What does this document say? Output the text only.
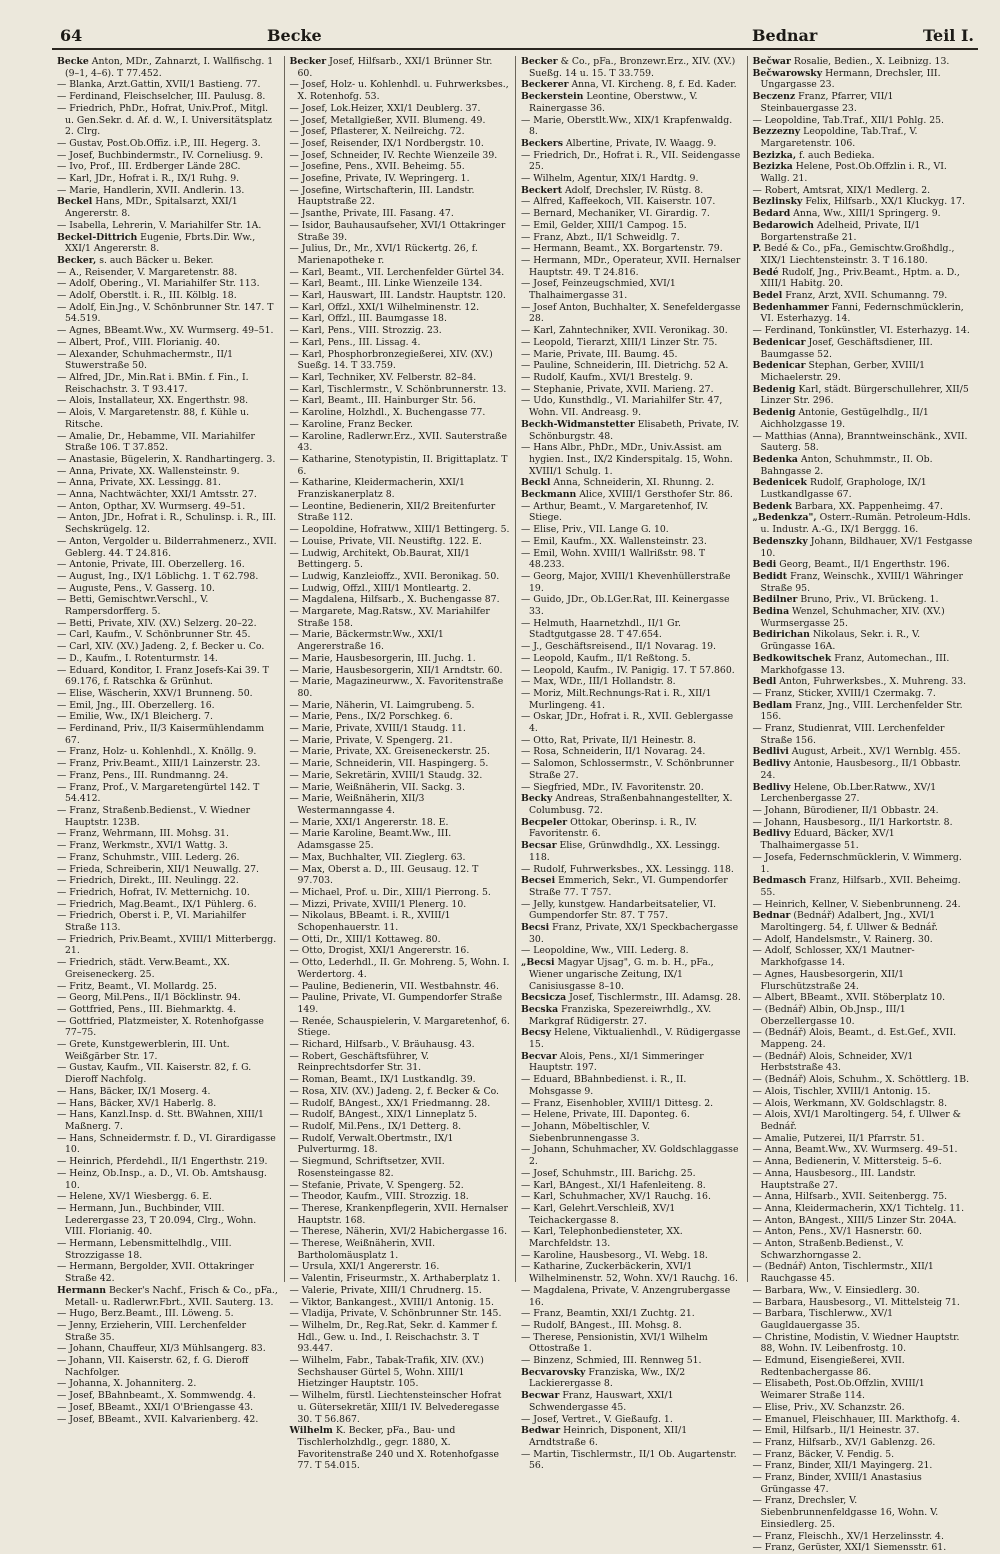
64	Becke	Bednar	Teil I.

Becke Anton, MDr., Zahnarzt, I. Wallfischg. 1 (9–1, 4–6). T 77.452.

— Blanka, Arzt.Gattin, XVII/1 Bastieng. 77.

— Ferdinand, Fleischselcher, III. Paulusg. 8.

— Friedrich, PhDr., Hofrat, Univ.Prof., Mitgl. u. Gen.Sekr. d. Af. d. W., I. Universitätsplatz 2. Clrg.

— Gustav, Post.Ob.Offiz. i.P., III. Hegerg. 3.

— Josef, Buchbindermstr., IV. Corneliusg. 9.

— Ivo, Prof., III. Erdberger Lände 28C.

— Karl, JDr., Hofrat i. R., IX/1 Ruhg. 9.

— Marie, Handlerin, XVII. Andlerin. 13.

Beckel Hans, MDr., Spitalsarzt, XXI/1 Angererstr. 8.

— Isabella, Lehrerin, V. Mariahilfer Str. 1A.

Beckel-Dittrich Eugenie, Fbrts.Dir. Ww., XXI/1 Angererstr. 8.

Becker, s. auch Bäcker u. Beker.

— A., Reisender, V. Margaretenstr. 88.

— Adolf, Obering., VI. Mariahilfer Str. 113.

— Adolf, Oberstlt. i. R., III. Kölblg. 18.

— Adolf, Ein.Jng., V. Schönbrunner Str. 147. T 54.519.

— Agnes, BBeamt.Ww., XV. Wurmserg. 49–51.

— Albert, Prof., VIII. Florianig. 40.

— Alexander, Schuhmachermstr., II/1 Stuwerstraße 50.

— Alfred, JDr., Min.Rat i. BMin. f. Fin., I. Reischachstr. 3. T 93.417.

— Alois, Installateur, XX. Engerthstr. 98.

— Alois, V. Margaretenstr. 88, f. Kühle u. Ritsche.

— Amalie, Dr., Hebamme, VII. Mariahilfer Straße 106. T 37.852.

— Anastasie, Bügelerin, X. Randhartingerg. 3.

— Anna, Private, XX. Wallensteinstr. 9.

— Anna, Private, XX. Lessingg. 81.

— Anna, Nachtwächter, XXI/1 Amtsstr. 27.

— Anton, Opthar, XV. Wurmserg. 49–51.

— Anton, JDr., Hofrat i. R., Schulinsp. i. R., III. Sechskrügelg. 12.

— Anton, Vergolder u. Bilderrahmenerz., XVII. Geblerg. 44. T 24.816.

— Antonie, Private, III. Oberzellerg. 16.

— August, Ing., IX/1 Löblichg. 1. T 62.798.

— Auguste, Pens., V. Gasserg. 10.

— Betti, Gemischtwr.Verschl., V. Rampersdorfferg. 5.

— Betti, Private, XIV. (XV.) Selzerg. 20–22.

— Carl, Kaufm., V. Schönbrunner Str. 45.

— Carl, XIV. (XV.) Jadeng. 2, f. Becker u. Co.

— D., Kaufm., I. Rotenturmstr. 14.

— Eduard, Konditor, I. Franz Josefs-Kai 39. T 69.176, f. Ratschka & Grünhut.

— Elise, Wäscherin, XXV/1 Brunneng. 50.

— Emil, Jng., III. Oberzellerg. 16.

— Emilie, Ww., IX/1 Bleicherg. 7.

— Ferdinand, Priv., II/3 Kaisermühlendamm 67.

— Franz, Holz- u. Kohlenhdl., X. Knöllg. 9.

— Franz, Priv.Beamt., XIII/1 Lainzerstr. 23.

— Franz, Pens., III. Rundmanng. 24.

— Franz, Prof., V. Margaretengürtel 142. T 54.412.

— Franz, Straßenb.Bedienst., V. Wiedner Hauptstr. 123B.

— Franz, Wehrmann, III. Mohsg. 31.

— Franz, Werkmstr., XVI/1 Wattg. 3.

— Franz, Schuhmstr., VIII. Lederg. 26.

— Frieda, Schreiberin, XII/1 Neuwallg. 27.

— Friedrich, Direkt., III. Neulingg. 22.

— Friedrich, Hofrat, IV. Metternichg. 10.

— Friedrich, Mag.Beamt., IX/1 Pühlerg. 6.

— Friedrich, Oberst i. P., VI. Mariahilfer Straße 113.

— Friedrich, Priv.Beamt., XVIII/1 Mitterbergg. 21.

— Friedrich, städt. Verw.Beamt., XX. Greiseneckerg. 25.

— Fritz, Beamt., VI. Mollardg. 25.

— Georg, Mil.Pens., II/1 Böcklinstr. 94.

— Gottfried, Pens., III. Biehmarktg. 4.

— Gottfried, Platzmeister, X. Rotenhofgasse 77–75.

— Grete, Kunstgewerblerin, III. Unt. Weißgärber Str. 17.

— Gustav, Kaufm., VII. Kaiserstr. 82, f. G. Dieroff Nachfolg.

— Hans, Bäcker, IX/1 Moserg. 4.

— Hans, Bäcker, XV/1 Haberlg. 8.

— Hans, Kanzl.Insp. d. Stt. BWahnen, XIII/1 Maßnerg. 7.

— Hans, Schneidermstr. f. D., VI. Girardigasse 10.

— Heinrich, Pferdehdl., II/1 Engerthstr. 219.

— Heinz, Ob.Insp., a. D., VI. Ob. Amtshausg. 10.

— Helene, XV/1 Wiesbergg. 6. E.

— Hermann, Jun., Buchbinder, VIII. Lederergasse 23, T 20.094, Clrg., Wohn. VIII. Florianig. 40.

— Hermann, Lebensmittelhdlg., VIII. Strozzigasse 18.

— Hermann, Bergolder, XVII. Ottakringer Straße 42.

Hermann Becker's Nachf., Frisch & Co., pFa., Metall- u. Radlerwr.Fbrt., XVII. Sauterg. 13.

— Hugo, Berz.Beamt., III. Löweng. 5.

— Jenny, Erzieherin, VIII. Lerchenfelder Straße 35.

— Johann, Chauffeur, XI/3 Mühlsangerg. 83.

— Johann, VII. Kaiserstr. 62, f. G. Dieroff Nachfolger.

— Johanna, X. Johanniterg. 2.

— Josef, BBahnbeamt., X. Sommwendg. 4.

— Josef, BBeamt., XXI/1 O'Briengasse 43.

— Josef, BBeamt., XVII. Kalvarienberg. 42.

Becker Josef, Hilfsarb., XXI/1 Brünner Str. 60.

— Josef, Holz- u. Kohlenhdl. u. Fuhrwerksbes., X. Rotenhofg. 53.

— Josef, Lok.Heizer, XXI/1 Deublerg. 37.

— Josef, Metallgießer, XVII. Blumeng. 49.

— Josef, Pflasterer, X. Neilreichg. 72.

— Josef, Reisender, IX/1 Nordbergstr. 10.

— Josef, Schneider, IV. Rechte Wienzeile 39.

— Josefine, Pens., XVII. Beheimg. 55.

— Josefine, Private, IV. Wepringerg. 1.

— Josefine, Wirtschafterin, III. Landstr. Hauptstraße 22.

— Jsanthe, Private, III. Fasang. 47.

— Isidor, Bauhausaufseher, XVI/1 Ottakringer Straße 39.

— Julius, Dr., Mr., XVI/1 Rückertg. 26, f. Marienapotheke r.

— Karl, Beamt., VII. Lerchenfelder Gürtel 34.

— Karl, Beamt., III. Linke Wienzeile 134.

— Karl, Hauswart, III. Landstr. Hauptstr. 120.

— Karl, Offzl., XXI/1 Wilhelminenstr. 12.

— Karl, Offzl., III. Baumgasse 18.

— Karl, Pens., VIII. Strozzig. 23.

— Karl, Pens., III. Lissag. 4.

— Karl, Phosphorbronzegießerei, XIV. (XV.) Sueßg. 14. T 33.759.

— Karl, Techniker, XV. Felberstr. 82–84.

— Karl, Tischlermstr., V. Schönbrunnerstr. 13.

— Karl, Beamt., III. Hainburger Str. 56.

— Karoline, Holzhdl., X. Buchengasse 77.

— Karoline, Franz Becker.

— Karoline, Radlerwr.Erz., XVII. Sauterstraße 43.

— Katharine, Stenotypistin, II. Brigittaplatz. T 6.

— Katharine, Kleidermacherin, XXI/1 Franziskanerplatz 8.

— Leontine, Bedienerin, XII/2 Breitenfurter Straße 112.

— Leopoldine, Hofratww., XIII/1 Bettingerg. 5.

— Louise, Private, VII. Neustiftg. 122. E.

— Ludwig, Architekt, Ob.Baurat, XII/1 Bettingerg. 5.

— Ludwig, Kanzleioffz., XVII. Beronikag. 50.

— Ludwig, Offzl., XIII/1 Montleartg. 2.

— Magdalena, Hilfsarb., X. Buchengasse 87.

— Margarete, Mag.Ratsw., XV. Mariahilfer Straße 158.

— Marie, Bäckermstr.Ww., XXI/1 Angererstraße 16.

— Marie, Hausbesorgerin, III. Juchg. 1.

— Marie, Hausbesorgerin, XII/1 Arndtstr. 60.

— Marie, Magazineurww., X. Favoritenstraße 80.

— Marie, Näherin, VI. Laimgrubeng. 5.

— Marie, Pens., IX/2 Porschkeg. 6.

— Marie, Private, XVIII/1 Staudg. 11.

— Marie, Private, V. Spengerg. 21.

— Marie, Private, XX. Greiseneckerstr. 25.

— Marie, Schneiderin, VII. Haspingerg. 5.

— Marie, Sekretärin, XVIII/1 Staudg. 32.

— Marie, Weißnäherin, VII. Sackg. 3.

— Marie, Weißnäherin, XII/3 Westermanngasse 4.

— Marie, XXI/1 Angererstr. 18. E.

— Marie Karoline, Beamt.Ww., III. Adamsgasse 25.

— Max, Buchhalter, VII. Zieglerg. 63.

— Max, Oberst a. D., III. Geusaug. 12. T 97.703.

— Michael, Prof. u. Dir., XIII/1 Pierrong. 5.

— Mizzi, Private, XVIII/1 Plenerg. 10.

— Nikolaus, BBeamt. i. R., XVIII/1 Schopenhauerstr. 11.

— Otti, Dr., XIII/1 Kottaweg. 80.

— Otto, Drogist, XXI/1 Angererstr. 16.

— Otto, Lederhdl., II. Gr. Mohreng. 5, Wohn. I. Werdertorg. 4.

— Pauline, Bedienerin, VII. Westbahnstr. 46.

— Pauline, Private, VI. Gumpendorfer Straße 149.

— Renée, Schauspielerin, V. Margaretenhof, 6. Stiege.

— Richard, Hilfsarb., V. Bräuhausg. 43.

— Robert, Geschäftsführer, V. Reinprechtsdorfer Str. 31.

— Roman, Beamt., IX/1 Lustkandlg. 39.

— Rosa, XIV. (XV.) Jadeng. 2, f. Becker & Co.

— Rudolf, BAngest., XX/1 Friedmanng. 28.

— Rudolf, BAngest., XIX/1 Linneplatz 5.

— Rudolf, Mil.Pens., IX/1 Detterg. 8.

— Rudolf, Verwalt.Obertmstr., IX/1 Pulverturmg. 18.

— Siegmund, Schriftsetzer, XVII. Rosensteingasse 82.

— Stefanie, Private, V. Spengerg. 52.

— Theodor, Kaufm., VIII. Strozzig. 18.

— Therese, Krankenpflegerin, XVII. Hernalser Hauptstr. 168.

— Therese, Näherin, XVI/2 Habichergasse 16.

— Therese, Weißnäherin, XVII. Bartholomäusplatz 1.

— Ursula, XXI/1 Angererstr. 16.

— Valentin, Friseurmstr., X. Arthaberplatz 1.

— Valerie, Private, XIII/1 Chrudnerg. 15.

— Viktor, Bankangest., XVIII/1 Antonig. 15.

— Vladija, Private, V. Schönbrunner Str. 145.

— Wilhelm, Dr., Reg.Rat, Sekr. d. Kammer f. Hdl., Gew. u. Ind., I. Reischachstr. 3. T 93.447.

— Wilhelm, Fabr., Tabak-Trafik, XIV. (XV.) Sechshauser Gürtel 5, Wohn. XIII/1 Hietzinger Hauptstr. 105.

— Wilhelm, fürstl. Liechtensteinscher Hofrat u. Gütersekretär, XIII/1 IV. Belvederegasse 30. T 56.867.

Wilhelm K. Becker, pFa., Bau- und Tischlerholzhdlg., gegr. 1880, X. Favoritenstraße 240 und X. Rotenhofgasse 77. T 54.015.

Becker & Co., pFa., Bronzewr.Erz., XIV. (XV.) Sueßg. 14 u. 15. T 33.759.

Beckerer Anna, VI. Kircheng. 8, f. Ed. Kader.

Beckerstein Leontine, Oberstww., V. Rainergasse 36.

— Marie, Oberstlt.Ww., XIX/1 Krapfenwaldg. 8.

Beckers Albertine, Private, IV. Waagg. 9.

— Friedrich, Dr., Hofrat i. R., VII. Seidengasse 25.

— Wilhelm, Agentur, XIX/1 Hardtg. 9.

Beckert Adolf, Drechsler, IV. Rüstg. 8.

— Alfred, Kaffeekoch, VII. Kaiserstr. 107.

— Bernard, Mechaniker, VI. Girardig. 7.

— Emil, Gelder, XIII/1 Campog. 15.

— Franz, Abzt., II/1 Schweidlg. 7.

— Hermann, Beamt., XX. Borgartenstr. 79.

— Hermann, MDr., Operateur, XVII. Hernalser Hauptstr. 49. T 24.816.

— Josef, Feinzeugschmied, XVI/1 Thalhaimergasse 31.

— Josef Anton, Buchhalter, X. Senefeldergasse 28.

— Karl, Zahntechniker, XVII. Veronikag. 30.

— Leopold, Tierarzt, XIII/1 Linzer Str. 75.

— Marie, Private, III. Baumg. 45.

— Pauline, Schneiderin, III. Dietrichg. 52 A.

— Rudolf, Kaufm., XVI/1 Brestelg. 9.

— Stephanie, Private, XVII. Marieng. 27.

— Udo, Kunsthdlg., VI. Mariahilfer Str. 47, Wohn. VII. Andreasg. 9.

Beckh-Widmanstetter Elisabeth, Private, IV. Schönburgstr. 48.

— Hans Albr., PhDr., MDr., Univ.Assist. am hygien. Inst., IX/2 Kinderspitalg. 15, Wohn. XVIII/1 Schulg. 1.

Beckl Anna, Schneiderin, XI. Rhunng. 2.

Beckmann Alice, XVIII/1 Gersthofer Str. 86.

— Arthur, Beamt., V. Margaretenhof, IV. Stiege.

— Elise, Priv., VII. Lange G. 10.

— Emil, Kaufm., XX. Wallensteinstr. 23.

— Emil, Wohn. XVIII/1 Wallrißstr. 98. T 48.233.

— Georg, Major, XVIII/1 Khevenhüllerstraße 19.

— Guido, JDr., Ob.LGer.Rat, III. Keinergasse 33.

— Helmuth, Haarnetzhdl., II/1 Gr. Stadtgutgasse 28. T 47.654.

— J., Geschäftsreisend., II/1 Novarag. 19.

— Leopold, Kaufm., II/1 Reßtong. 5.

— Leopold, Kaufm., IV. Panigig. 17. T 57.860.

— Max, WDr., III/1 Hollandstr. 8.

— Moriz, Milt.Rechnungs-Rat i. R., XII/1 Murlingeng. 41.

— Oskar, JDr., Hofrat i. R., XVII. Geblergasse 4.

— Otto, Rat, Private, II/1 Heinestr. 8.

— Rosa, Schneiderin, II/1 Novarag. 24.

— Salomon, Schlossermstr., V. Schönbrunner Straße 27.

— Siegfried, MDr., IV. Favoritenstr. 20.

Becky Andreas, Straßenbahnangestellter, X. Columbusg. 72.

Becpeler Ottokar, Oberinsp. i. R., IV. Favoritenstr. 6.

Becsar Elise, Grünwdhdlg., XX. Lessingg. 118.

— Rudolf, Fuhrwerksbes., XX. Lessingg. 118.

Becsei Emmerich, Sekr., VI. Gumpendorfer Straße 77. T 757.

— Jelly, kunstgew. Handarbeitsatelier, VI. Gumpendorfer Str. 87. T 757.

Becsi Franz, Private, XX/1 Speckbachergasse 30.

— Leopoldine, Ww., VIII. Lederg. 8.

„Becsi Magyar Ujsag", G. m. b. H., pFa., Wiener ungarische Zeitung, IX/1 Canisiusgasse 8–10.

Becsicza Josef, Tischlermstr., III. Adamsg. 28.

Becska Franziska, Spezereiwrhdlg., XV. Markgraf Rüdigerstr. 27.

Becsy Helene, Viktualienhdl., V. Rüdigergasse 15.

Becvar Alois, Pens., XI/1 Simmeringer Hauptstr. 197.

— Eduard, BBahnbedienst. i. R., II. Mohsgasse 9.

— Franz, Eisenhobler, XVIII/1 Dittesg. 2.

— Helene, Private, III. Daponteg. 6.

— Johann, Möbeltischler, V. Siebenbrunnengasse 3.

— Johann, Schuhmacher, XV. Goldschlaggasse 2.

— Josef, Schuhmstr., III. Barichg. 25.

— Karl, BAngest., XI/1 Hafenleiteng. 8.

— Karl, Schuhmacher, XV/1 Rauchg. 16.

— Karl, Gelehrt.Verschleiß, XV/1 Teichackergasse 8.

— Karl, Telephonbediensteter, XX. Marchfeldstr. 13.

— Karoline, Hausbesorg., VI. Webg. 18.

— Katharine, Zuckerbäckerin, XVI/1 Wilhelminenstr. 52, Wohn. XV/1 Rauchg. 16.

— Magdalena, Private, V. Anzengrubergasse 16.

— Franz, Beamtin, XXI/1 Zuchtg. 21.

— Rudolf, BAngest., III. Mohsg. 8.

— Therese, Pensionistin, XVI/1 Wilhelm Ottostraße 1.

— Binzenz, Schmied, III. Rennweg 51.

Becvarovsky Franziska, Ww., IX/2 Lackierergasse 8.

Becwar Franz, Hauswart, XXI/1 Schwendergasse 45.

— Josef, Vertret., V. Gießaufg. 1.

Bedwar Heinrich, Disponent, XII/1 Arndtstraße 6.

— Martin, Tischlermstr., II/1 Ob. Augartenstr. 56.

Bečwar Rosalie, Bedien., X. Leibnizg. 13.

Bečwarowsky Hermann, Drechsler, III. Ungargasse 23.

Beczenz Franz, Pfarrer, VII/1 Steinbauergasse 23.

— Leopoldine, Tab.Traf., XII/1 Pohlg. 25.

Bezzezny Leopoldine, Tab.Traf., V. Margaretenstr. 106.

Bezizka, f. auch Bedieka.

Bezizka Helene, Post.Ob.Offzlin i. R., VI. Wallg. 21.

— Robert, Amtsrat, XIX/1 Medlerg. 2.

Bezlinsky Felix, Hilfsarb., XX/1 Kluckyg. 17.

Bedard Anna, Ww., XIII/1 Springerg. 9.

Bedarowich Adelheid, Private, II/1 Borgartenstraße 21.

P. Bedé & Co., pFa., Gemischtw.Großhdlg., XIX/1 Liechtensteinstr. 3. T 16.180.

Bedé Rudolf, Jng., Priv.Beamt., Hptm. a. D., XIII/1 Habitg. 20.

Bedel Franz, Arzt, XVII. Schumanng. 79.

Bedenhammer Fanni, Federnschmücklerin, VI. Esterhazyg. 14.

— Ferdinand, Tonkünstler, VI. Esterhazyg. 14.

Bedenicar Josef, Geschäftsdiener, III. Baumgasse 52.

Bedenicar Stephan, Gerber, XVIII/1 Michaelerstr. 29.

Bedenig Karl, städt. Bürgerschullehrer, XII/5 Linzer Str. 296.

Bedenig Antonie, Gestügelhdlg., II/1 Aichholzgasse 19.

— Matthias (Anna), Branntweinschänk., XVII. Sauterg. 58.

Bedenka Anton, Schuhmmstr., II. Ob. Bahngasse 2.

Bedenicek Rudolf, Graphologe, IX/1 Lustkandlgasse 67.

Bedenk Barbara, XX. Pappenheimg. 47.

„Bedenkza", Osterr.-Rumän. Petroleum-Hdls. u. Industr. A.-G., IX/1 Berggg. 16.

Bedenszky Johann, Bildhauer, XV/1 Festgasse 10.

Bedi Georg, Beamt., II/1 Engerthstr. 196.

Bedidt Franz, Weinschk., XVIII/1 Währinger Straße 95.

Bedilner Bruno, Priv., VI. Brückeng. 1.

Bedina Wenzel, Schuhmacher, XIV. (XV.) Wurmsergasse 25.

Bedirichan Nikolaus, Sekr. i. R., V. Grüngasse 16A.

Bedkowitschek Franz, Automechan., III. Markhofgasse 13.

Bedl Anton, Fuhrwerksbes., X. Muhreng. 33.

— Franz, Sticker, XVIII/1 Czermakg. 7.

Bedlam Franz, Jng., VIII. Lerchenfelder Str. 156.

— Franz, Studienrat, VIII. Lerchenfelder Straße 156.

Bedlivi August, Arbeit., XV/1 Wernblg. 455.

Bedlivy Antonie, Hausbesorg., II/1 Obbastr. 24.

Bedlivy Helene, Ob.Lber.Ratww., XV/1 Lerchenbergasse 27.

— Johann, Bürodiener, II/1 Obbastr. 24.

— Johann, Hausbesorg., II/1 Harkortstr. 8.

Bedlivy Eduard, Bäcker, XV/1 Thalhaimergasse 51.

— Josefa, Federnschmücklerin, V. Wimmerg. 1.

Bedmasch Franz, Hilfsarb., XVII. Beheimg. 55.

— Heinrich, Kellner, V. Siebenbrunneng. 24.

Bednar (Bednář) Adalbert, Jng., XVI/1 Maroltingerg. 54, f. Ullwer & Bednář.

— Adolf, Handelsmstr., V. Rainerg. 30.

— Adolf, Schlosser, XX/1 Mautner-Markhofgasse 14.

— Agnes, Hausbesorgerin, XII/1 Flurschützstraße 24.

— Albert, BBeamt., XVII. Stöberplatz 10.

— (Bednář) Albin, Ob.Jnsp., III/1 Oberzellergasse 10.

— (Bednář) Alois, Beamt., d. Est.Gef., XVII. Mappeng. 24.

— (Bednář) Alois, Schneider, XV/1 Herbststraße 43.

— (Bednář) Alois, Schuhm., X. Schöttlerg. 1B.

— Alois, Tischler, XVIII/1 Antonig. 15.

— Alois, Werkmann, XV. Goldschlagstr. 8.

— Alois, XVI/1 Maroltingerg. 54, f. Ullwer & Bednář.

— Amalie, Putzerei, II/1 Pfarrstr. 51.

— Anna, Beamt.Ww., XV. Wurmserg. 49–51.

— Anna, Bedienerin, V. Mittersteig. 5–6.

— Anna, Hausbesorg., III. Landstr. Hauptstraße 27.

— Anna, Hilfsarb., XVII. Seitenbergg. 75.

— Anna, Kleidermacherin, XX/1 Tichtelg. 11.

— Anton, BAngest., XIII/5 Linzer Str. 204A.

— Anton, Pens., XV/1 Hasnerstr. 60.

— Anton, Straßenb.Bedienst., V. Schwarzhorngasse 2.

— (Bednář) Anton, Tischlermstr., XII/1 Rauchgasse 45.

— Barbara, Ww., V. Einsiedlerg. 30.

— Barbara, Hausbesorg., VI. Mittelsteig 71.

— Barbara, Tischlerww., XV/1 Gaugldauergasse 35.

— Christine, Modistin, V. Wiedner Hauptstr. 88, Wohn. IV. Leibenfrostg. 10.

— Edmund, Eisengießerei, XVII. Redtenbachergasse 86.

— Elisabeth, Post.Ob.Offzlin, XVIII/1 Weimarer Straße 114.

— Elise, Priv., XV. Schanzstr. 26.

— Emanuel, Fleischhauer, III. Markthofg. 4.

— Emil, Hilfsarb., II/1 Heinestr. 37.

— Franz, Hilfsarb., XV/1 Gablenzg. 26.

— Franz, Bäcker, V. Fendig. 5.

— Franz, Binder, XII/1 Mayingerg. 21.

— Franz, Binder, XVIII/1 Anastasius Grüngasse 47.

— Franz, Drechsler, V. Siebenbrunnenfeldgasse 16, Wohn. V. Einsiedlerg. 25.

— Franz, Fleischh., XV/1 Herzelinsstr. 4.

— Franz, Gerüster, XXI/1 Siemensstr. 61.
